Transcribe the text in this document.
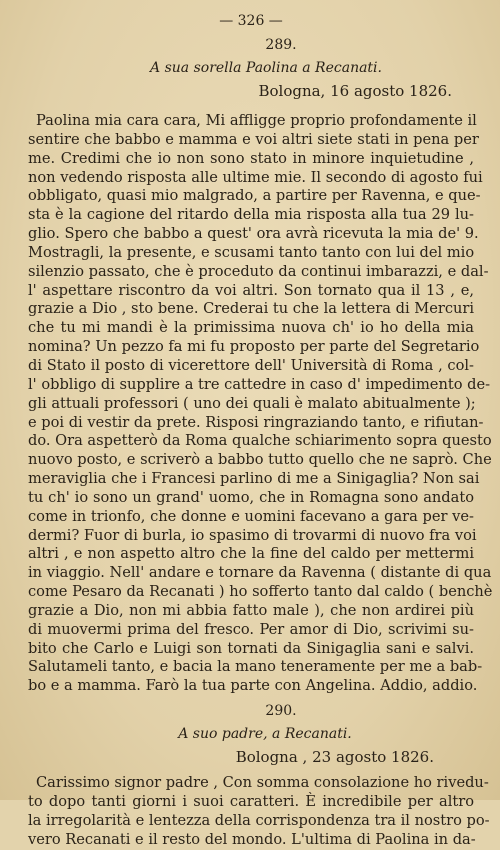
— 326 —
289.
A sua sorella Paolina a Recanati.
Bologna, 16 agosto 1826.
Paolina mia cara cara, Mi affligge proprio profondamente il
sentire che babbo e mamma e voi altri siete stati in pena per
me. Credimi che io non sono stato in minore inquietudine ,
non vedendo risposta alle ultime mie. Il secondo di agosto fui
obbligato, quasi mio malgrado, a partire per Ravenna, e que-
sta è la cagione del ritardo della mia risposta alla tua 29 lu-
glio. Spero che babbo a quest' ora avrà ricevuta la mia de' 9.
Mostragli, la presente, e scusami tanto tanto con lui del mio
silenzio passato, che è proceduto da continui imbarazzi, e dal-
l' aspettare riscontro da voi altri. Son tornato qua il 13 , e,
grazie a Dio , sto bene. Crederai tu che la lettera di Mercuri
che tu mi mandi è la primissima nuova ch' io ho della mia
nomina? Un pezzo fa mi fu proposto per parte del Segretario
di Stato il posto di vicerettore dell' Università di Roma , col-
l' obbligo di supplire a tre cattedre in caso d' impedimento de-
gli attuali professori ( uno dei quali è malato abitualmente );
e poi di vestir da prete. Risposi ringraziando tanto, e rifiutan-
do. Ora aspetterò da Roma qualche schiarimento sopra questo
nuovo posto, e scriverò a babbo tutto quello che ne saprò. Che
meraviglia che i Francesi parlino di me a Sinigaglia? Non sai
tu ch' io sono un grand' uomo, che in Romagna sono andato
come in trionfo, che donne e uomini facevano a gara per ve-
dermi? Fuor di burla, io spasimo di trovarmi di nuovo fra voi
altri , e non aspetto altro che la fine del caldo per mettermi
in viaggio. Nell' andare e tornare da Ravenna ( distante di qua
come Pesaro da Recanati ) ho sofferto tanto dal caldo ( benchè
grazie a Dio, non mi abbia fatto male ), che non ardirei più
di muovermi prima del fresco. Per amor di Dio, scrivimi su-
bito che Carlo e Luigi son tornati da Sinigaglia sani e salvi.
Salutameli tanto, e bacia la mano teneramente per me a bab-
bo e a mamma. Farò la tua parte con Angelina. Addio, addio.
290.
A suo padre, a Recanati.
Bologna , 23 agosto 1826.
Carissimo signor padre , Con somma consolazione ho rivedu-
to dopo tanti giorni i suoi caratteri. È incredibile per altro
la irregolarità e lentezza della corrispondenza tra il nostro po-
vero Recanati e il resto del mondo. L'ultima di Paolina in da-
